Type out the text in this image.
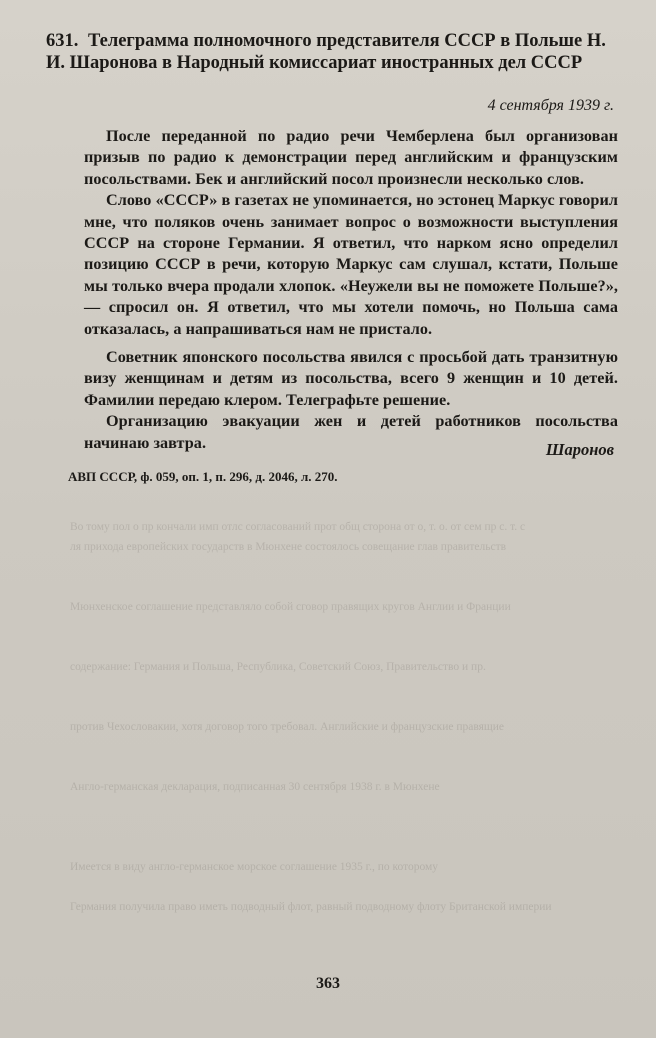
Во тому пол о пр кончали имп отлс согласований прот общ сторона от о, т. о. от сем пр с. т. с
ля прихода европейских государств в Мюнхене состоялось совещание глав правительств
Мюнхенское соглашение представляло собой сговор правящих кругов Англии и Франции
содержание: Германия и Польша, Республика, Советский Союз, Правительство и пр.
против Чехословакии, хотя договор того требовал. Английские и французские правящие
Англо-германская декларация, подписанная 30 сентября 1938 г. в Мюнхене
Имеется в виду англо-германское морское соглашение 1935 г., по которому
Германия получила право иметь подводный флот, равный подводному флоту Британской империи
631. Телеграмма полномочного представителя СССР в Польше Н. И. Шаронова в Народный комиссариат иностранных дел СССР
4 сентября 1939 г.

После переданной по радио речи Чемберлена был организован призыв по радио к демонстрации перед английским и французским посольствами. Бек и английский посол произнесли несколько слов.

Слово «СССР» в газетах не упоминается, но эстонец Маркус говорил мне, что поляков очень занимает вопрос о возможности выступления СССР на стороне Германии. Я ответил, что нарком ясно определил позицию СССР в речи, которую Маркус сам слушал, кстати, Польше мы только вчера продали хлопок. «Неужели вы не поможете Польше?»,— спросил он. Я ответил, что мы хотели помочь, но Польша сама отказалась, а напрашиваться нам не пристало.

Советник японского посольства явился с просьбой дать транзитную визу женщинам и детям из посольства, всего 9 женщин и 10 детей. Фамилии передаю клером. Телеграфьте решение.

Организацию эвакуации жен и детей работников посольства начинаю завтра.	Шаронов
АВП СССР, ф. 059, оп. 1, п. 296, д. 2046, л. 270.
363
